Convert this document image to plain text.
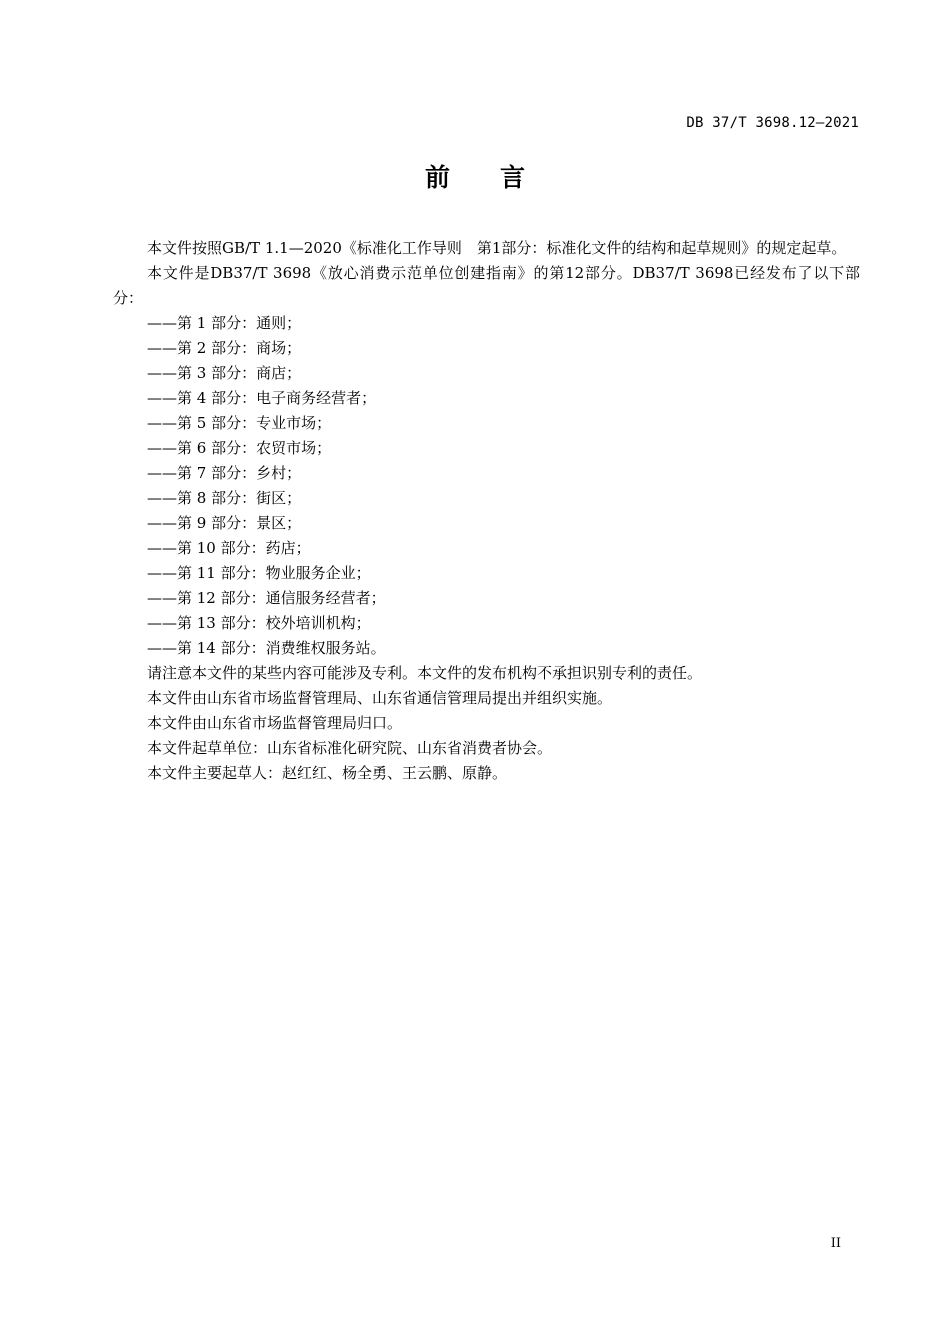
DB 37/T 3698.12—2021
前 言

本文件按照GB/T 1.1—2020《标准化工作导则　第1部分：标准化文件的结构和起草规则》的规定起草。

本文件是DB37/T 3698《放心消费示范单位创建指南》的第12部分。DB37/T 3698已经发布了以下部分：

——第 1 部分：通则；

——第 2 部分：商场；

——第 3 部分：商店；

——第 4 部分：电子商务经营者；

——第 5 部分：专业市场；

——第 6 部分：农贸市场；

——第 7 部分：乡村；

——第 8 部分：街区；

——第 9 部分：景区；

——第 10 部分：药店；

——第 11 部分：物业服务企业；

——第 12 部分：通信服务经营者；

——第 13 部分：校外培训机构；

——第 14 部分：消费维权服务站。

请注意本文件的某些内容可能涉及专利。本文件的发布机构不承担识别专利的责任。

本文件由山东省市场监督管理局、山东省通信管理局提出并组织实施。

本文件由山东省市场监督管理局归口。

本文件起草单位：山东省标准化研究院、山东省消费者协会。

本文件主要起草人：赵红红、杨全勇、王云鹏、原静。

II
